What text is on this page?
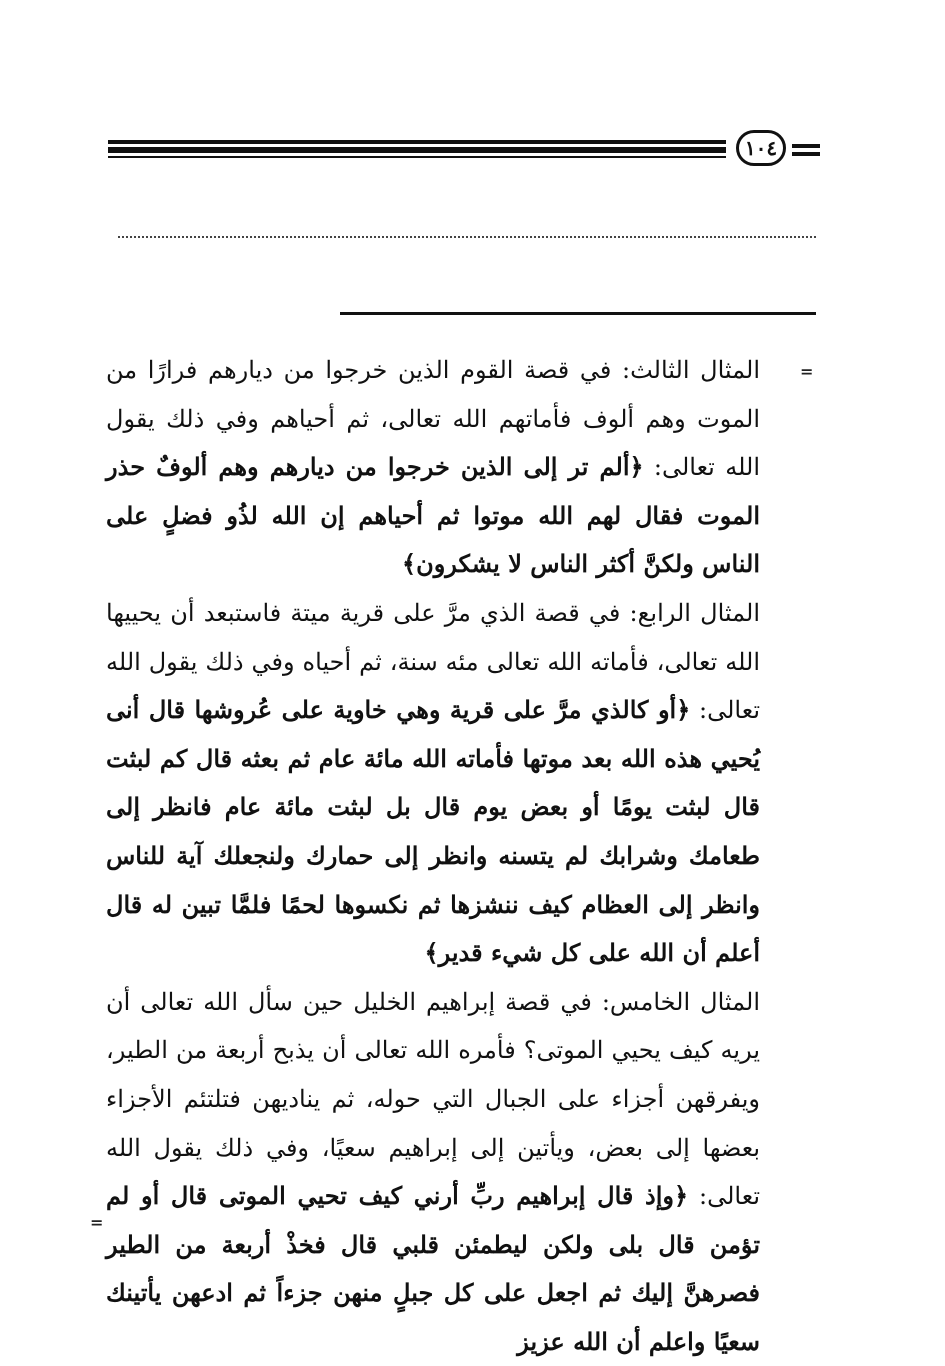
١٠٤
=

المثال الثالث: في قصة القوم الذين خرجوا من ديارهم فرارًا من الموت وهم ألوف فأماتهم الله تعالى، ثم أحياهم وفي ذلك يقول الله تعالى: ﴿ألم تر إلى الذين خرجوا من ديارهم وهم ألوفٌ حذر الموت فقال لهم الله موتوا ثم أحياهم إن الله لذُو فضلٍ على الناس ولكنَّ أكثر الناس لا يشكرون﴾

المثال الرابع: في قصة الذي مرَّ على قرية ميتة فاستبعد أن يحييها الله تعالى، فأماته الله تعالى مئه سنة، ثم أحياه وفي ذلك يقول الله تعالى: ﴿أو كالذي مرَّ على قرية وهي خاوية على عُروشها قال أنى يُحيي هذه الله بعد موتها فأماته الله مائة عام ثم بعثه قال كم لبثت قال لبثت يومًا أو بعض يوم قال بل لبثت مائة عام فانظر إلى طعامك وشرابك لم يتسنه وانظر إلى حمارك ولنجعلك آية للناس وانظر إلى العظام كيف ننشزها ثم نكسوها لحمًا فلمَّا تبين له قال أعلم أن الله على كل شيء قدير﴾

المثال الخامس: في قصة إبراهيم الخليل حين سأل الله تعالى أن يريه كيف يحيي الموتى؟ فأمره الله تعالى أن يذبح أربعة من الطير، ويفرقهن أجزاء على الجبال التي حوله، ثم يناديهن فتلتئم الأجزاء بعضها إلى بعض، ويأتين إلى إبراهيم سعيًا، وفي ذلك يقول الله تعالى: ﴿وإذ قال إبراهيم ربِّ أرني كيف تحيي الموتى قال أو لم تؤمن قال بلى ولكن ليطمئن قلبي قال فخذْ أربعة من الطير فصرهنَّ إليك ثم اجعل على كل جبلٍ منهن جزءاً ثم ادعهن يأتينك سعيًا واعلم أن الله عزيز

=
